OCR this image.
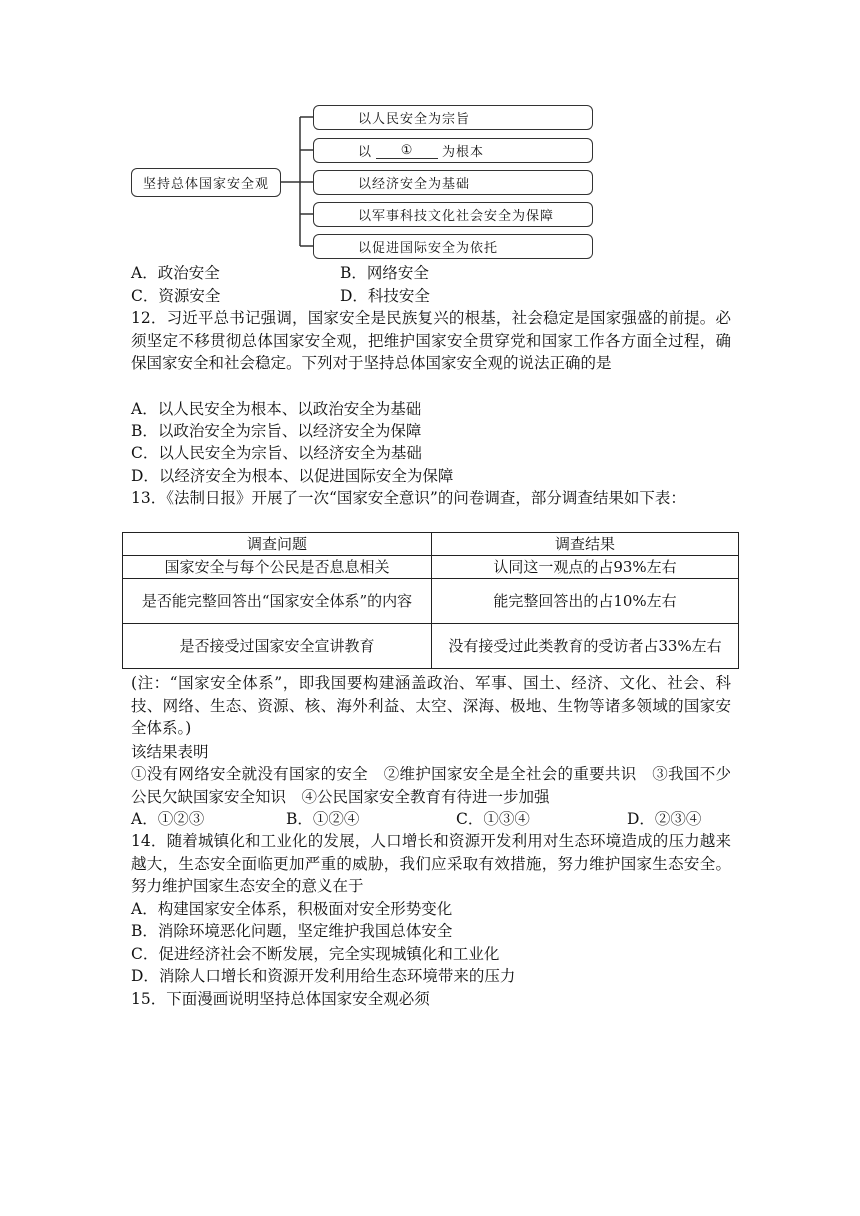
坚持总体国家安全观
以人民安全为宗旨
以	①	为根本
以经济安全为基础
以军事科技文化社会安全为保障
以促进国际安全为依托
A．政治安全	B．网络安全
C．资源安全	D．科技安全
12．习近平总书记强调，国家安全是民族复兴的根基，社会稳定是国家强盛的前提。必须坚定不移贯彻总体国家安全观，把维护国家安全贯穿党和国家工作各方面全过程，确保国家安全和社会稳定。下列对于坚持总体国家安全观的说法正确的是
A．以人民安全为根本、以政治安全为基础
B．以政治安全为宗旨、以经济安全为保障
C．以人民安全为宗旨、以经济安全为基础
D．以经济安全为根本、以促进国际安全为保障
13．《法制日报》开展了一次“国家安全意识”的问卷调查，部分调查结果如下表：
调查问题	调查结果
国家安全与每个公民是否息息相关	认同这一观点的占93%左右
是否能完整回答出“国家安全体系”的内容	能完整回答出的占10%左右
是否接受过国家安全宣讲教育	没有接受过此类教育的受访者占33%左右
(注：“国家安全体系”，即我国要构建涵盖政治、军事、国土、经济、文化、社会、科技、网络、生态、资源、核、海外利益、太空、深海、极地、生物等诸多领域的国家安全体系。)
该结果表明
①没有网络安全就没有国家的安全　②维护国家安全是全社会的重要共识　③我国不少公民欠缺国家安全知识　④公民国家安全教育有待进一步加强
A．①②③	B．①②④	C．①③④	D．②③④
14．随着城镇化和工业化的发展，人口增长和资源开发利用对生态环境造成的压力越来越大，生态安全面临更加严重的威胁，我们应采取有效措施，努力维护国家生态安全。努力维护国家生态安全的意义在于
A．构建国家安全体系，积极面对安全形势变化
B．消除环境恶化问题，坚定维护我国总体安全
C．促进经济社会不断发展，完全实现城镇化和工业化
D．消除人口增长和资源开发利用给生态环境带来的压力
15．下面漫画说明坚持总体国家安全观必须
